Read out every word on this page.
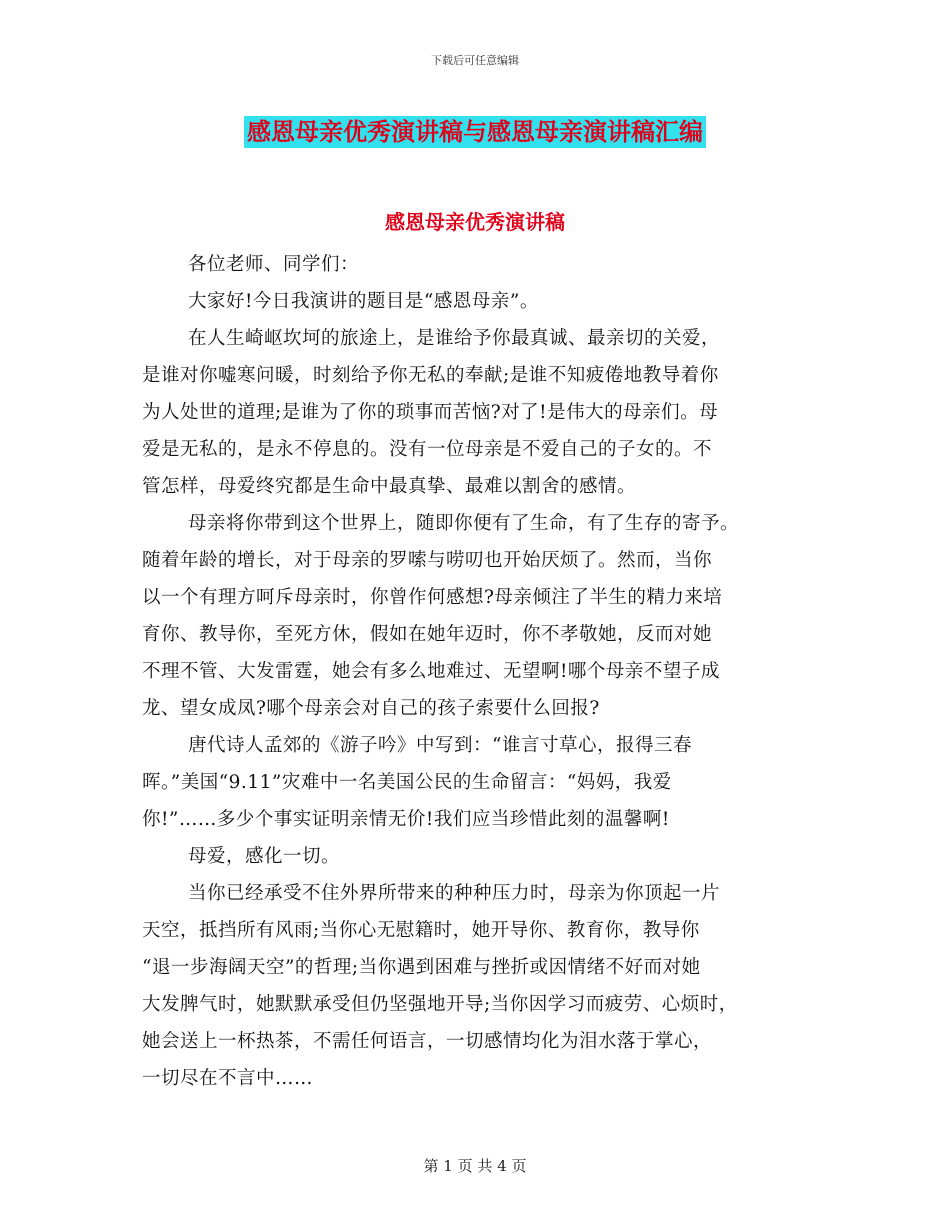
下载后可任意编辑
感恩母亲优秀演讲稿与感恩母亲演讲稿汇编
感恩母亲优秀演讲稿
各位老师、同学们：
大家好!今日我演讲的题目是“感恩母亲”。
在人生崎岖坎坷的旅途上，是谁给予你最真诚、最亲切的关爱，
是谁对你嘘寒问暖，时刻给予你无私的奉献;是谁不知疲倦地教导着你
为人处世的道理;是谁为了你的琐事而苦恼?对了!是伟大的母亲们。母
爱是无私的，是永不停息的。没有一位母亲是不爱自己的子女的。不
管怎样，母爱终究都是生命中最真挚、最难以割舍的感情。
母亲将你带到这个世界上，随即你便有了生命，有了生存的寄予。
随着年龄的增长，对于母亲的罗嗦与唠叨也开始厌烦了。然而，当你
以一个有理方呵斥母亲时，你曾作何感想?母亲倾注了半生的精力来培
育你、教导你，至死方休，假如在她年迈时，你不孝敬她，反而对她
不理不管、大发雷霆，她会有多么地难过、无望啊!哪个母亲不望子成
龙、望女成凤?哪个母亲会对自己的孩子索要什么回报?
唐代诗人孟郊的《游子吟》中写到：“谁言寸草心，报得三春
晖。”美国“9.11”灾难中一名美国公民的生命留言：“妈妈，我爱
你!”……多少个事实证明亲情无价!我们应当珍惜此刻的温馨啊!
母爱，感化一切。
当你已经承受不住外界所带来的种种压力时，母亲为你顶起一片
天空，抵挡所有风雨;当你心无慰籍时，她开导你、教育你，教导你
“退一步海阔天空”的哲理;当你遇到困难与挫折或因情绪不好而对她
大发脾气时，她默默承受但仍坚强地开导;当你因学习而疲劳、心烦时，
她会送上一杯热茶，不需任何语言，一切感情均化为泪水落于掌心，
一切尽在不言中……
第 1 页 共 4 页
